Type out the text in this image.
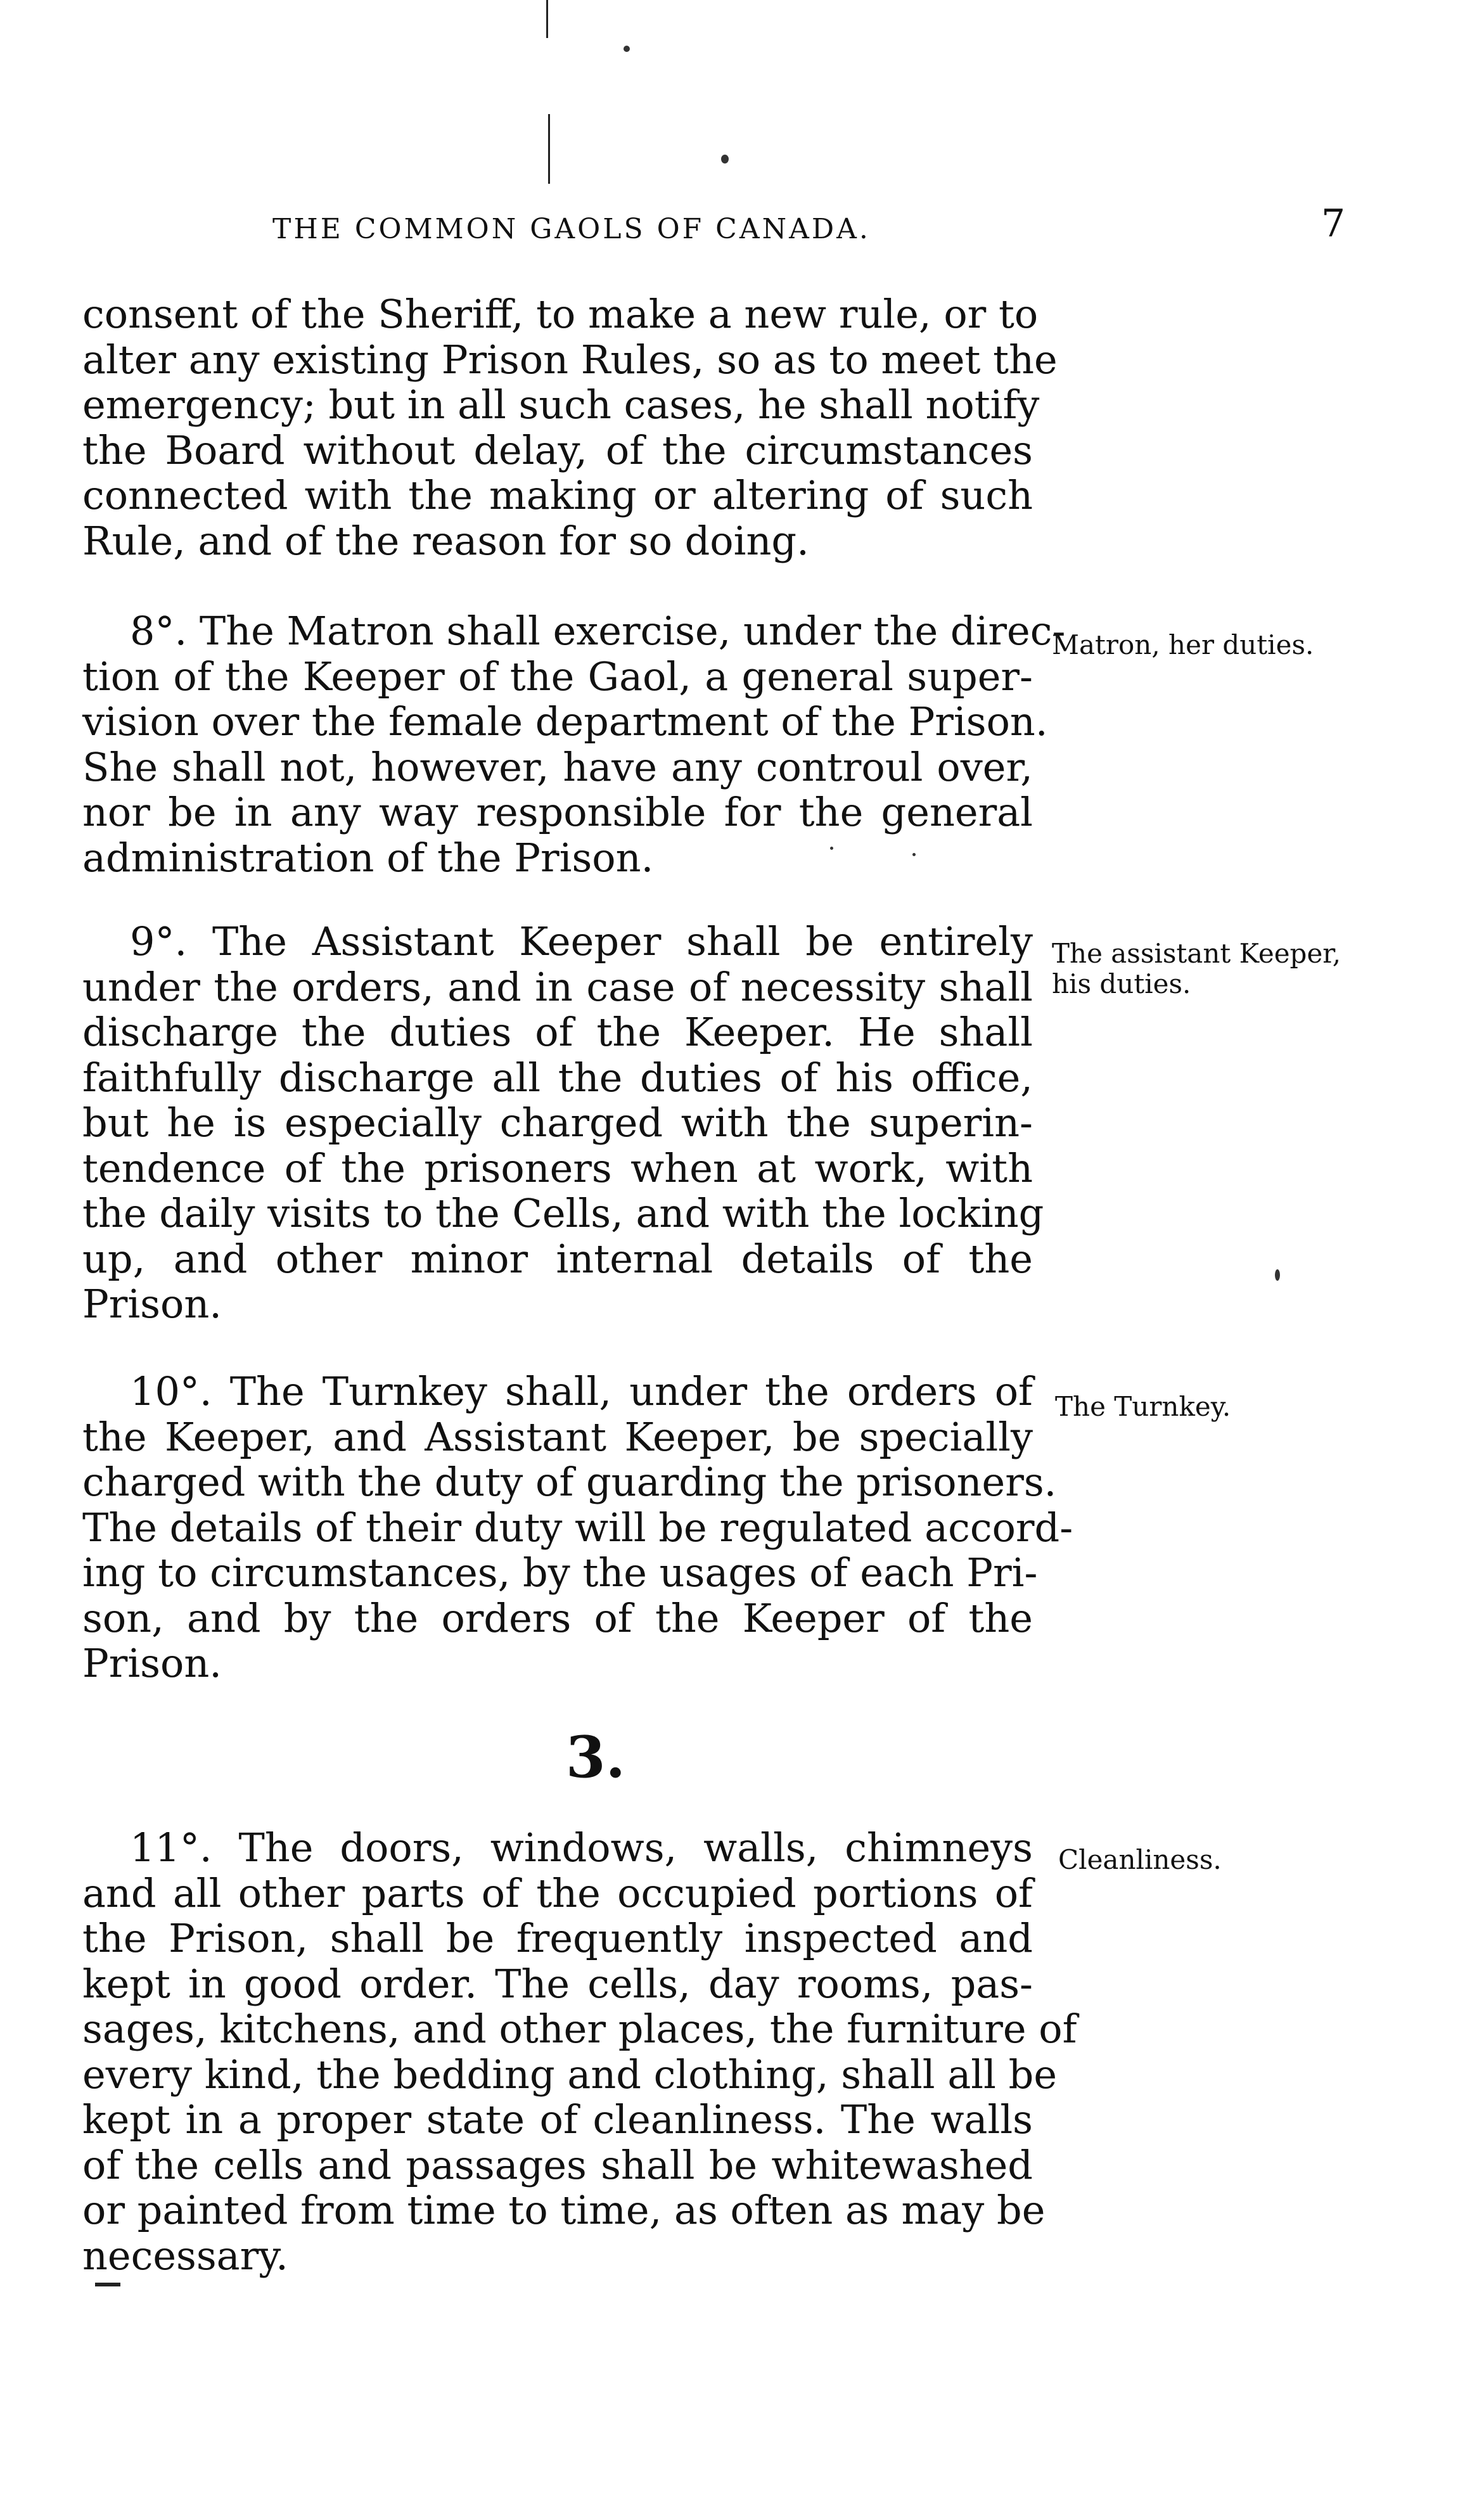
THE COMMON GAOLS OF CANADA.	7
consent of the Sheriff, to make a new rule, or to
alter any existing Prison Rules, so as to meet the
emergency; but in all such cases, he shall notify
the Board without delay, of the circumstances
connected with the making or altering of such
Rule, and of the reason for so doing.
8°. The Matron shall exercise, under the direc-
tion of the Keeper of the Gaol, a general super-
vision over the female department of the Prison.
She shall not, however, have any controul over,
nor be in any way responsible for the general
administration of the Prison.
Matron, her duties.
9°. The Assistant Keeper shall be entirely
under the orders, and in case of necessity shall
discharge the duties of the Keeper. He shall
faithfully discharge all the duties of his office,
but he is especially charged with the superin-
tendence of the prisoners when at work, with
the daily visits to the Cells, and with the locking
up, and other minor internal details of the
Prison.
The assistant Keeper,
his duties.
10°. The Turnkey shall, under the orders of
the Keeper, and Assistant Keeper, be specially
charged with the duty of guarding the prisoners.
The details of their duty will be regulated accord-
ing to circumstances, by the usages of each Pri-
son, and by the orders of the Keeper of the
Prison.
The Turnkey.
3.
11°. The doors, windows, walls, chimneys
and all other parts of the occupied portions of
the Prison, shall be frequently inspected and
kept in good order. The cells, day rooms, pas-
sages, kitchens, and other places, the furniture of
every kind, the bedding and clothing, shall all be
kept in a proper state of cleanliness. The walls
of the cells and passages shall be whitewashed
or painted from time to time, as often as may be
necessary.
Cleanliness.
